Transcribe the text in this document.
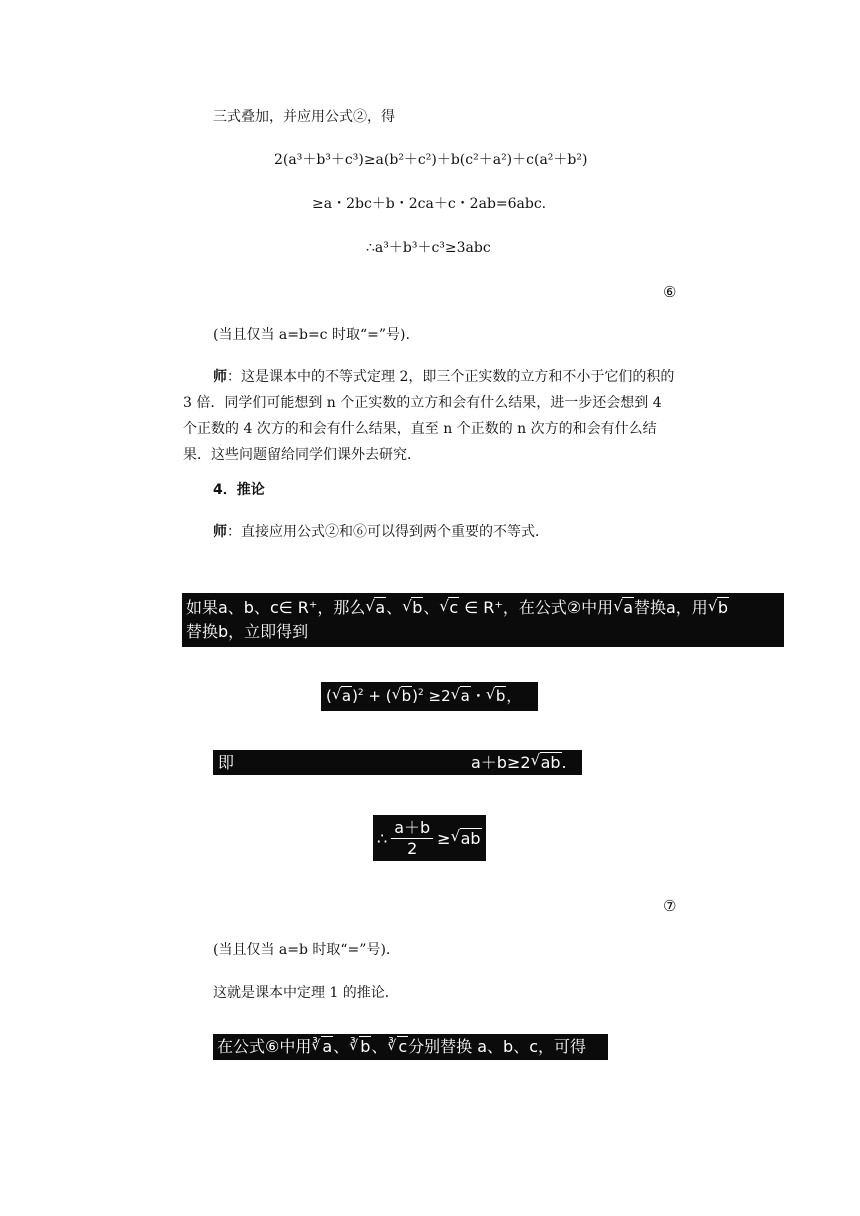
三式叠加，并应用公式②，得
2(a³＋b³＋c³)≥a(b²＋c²)＋b(c²＋a²)＋c(a²＋b²)
≥a・2bc＋b・2ca＋c・2ab=6abc.
∴a³＋b³＋c³≥3abc
⑥
(当且仅当 a=b=c 时取“=”号).
师：这是课本中的不等式定理 2，即三个正实数的立方和不小于它们的积的 3 倍．同学们可能想到 n 个正实数的立方和会有什么结果，进一步还会想到 4 个正数的 4 次方的和会有什么结果，直至 n 个正数的 n 次方的和会有什么结果．这些问题留给同学们课外去研究．
4．推论
师：直接应用公式②和⑥可以得到两个重要的不等式．
如果a、b、c∈ R⁺，那么 √ a、 √ b、 √ c ∈ R⁺，在公式②中用 √ a替换a，用 √ b
替换b，立即得到
( √ a)$^2$ + ( √ b)$^2$ ≥2 √ a・ √ b，
即	a＋b≥2 √ ab.
∴ $\frac{a+b}{2}$ ≥ √ ab
⑦
(当且仅当 a=b 时取“=”号).
这就是课本中定理 1 的推论．
在公式⑥中用 ∛ a、 ∛ b、 ∛ c分别替换 a、b、c，可得
